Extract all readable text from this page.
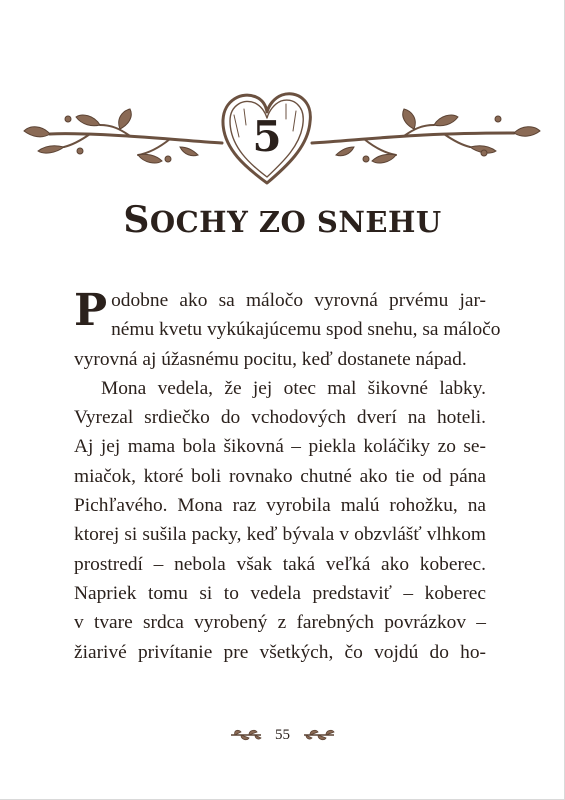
5
SOCHY ZO SNEHU
P odobne ako sa máločo vyrovná prvému jar-
nému kvetu vykúkajúcemu spod snehu, sa máločo
vyrovná aj úžasnému pocitu, keď dostanete nápad.
Mona vedela, že jej otec mal šikovné labky.
Vyrezal srdiečko do vchodových dverí na hoteli.
Aj jej mama bola šikovná – piekla koláčiky zo se-
miačok, ktoré boli rovnako chutné ako tie od pána
Pichľavého. Mona raz vyrobila malú rohožku, na
ktorej si sušila packy, keď bývala v obzvlášť vlhkom
prostredí – nebola však taká veľká ako koberec.
Napriek tomu si to vedela predstaviť – koberec
v tvare srdca vyrobený z farebných povrázkov –
žiarivé privítanie pre všetkých, čo vojdú do ho-
55
